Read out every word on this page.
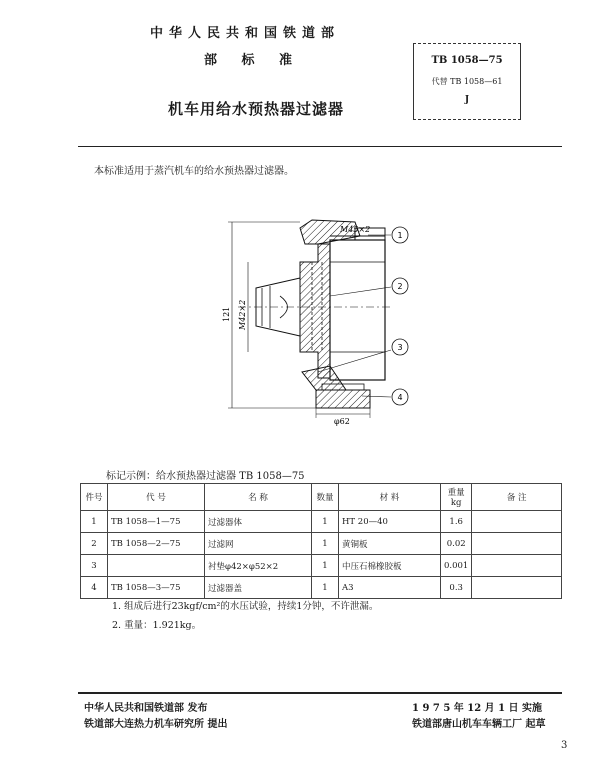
中华人民共和国铁道部
部 标 准
机车用给水预热器过滤器
TB 1058—75
代替 TB 1058—61
J
本标准适用于蒸汽机车的给水预热器过滤器。
M45×2
121 M42×2
φ62
1
2
3
4
标记示例：给水预热器过滤器 TB 1058—75
件号	代 号	名 称	数量	材 料	重量kg	备 注
1	TB 1058—1—75	过滤器体	1	HT 20—40	1.6	
2	TB 1058—2—75	过滤网	1	黄铜板	0.02	
3		衬垫φ42×φ52×2	1	中压石棉橡胶板	0.001	
4	TB 1058—3—75	过滤器盖	1	A3	0.3	
1. 组成后进行23kgf/cm²的水压试验，持续1分钟，不许泄漏。
2. 重量：1.921kg。
中华人民共和国铁道部 发布
铁道部大连热力机车研究所 提出
1 9 7 5 年 12 月 1 日 实施
铁道部唐山机车车辆工厂 起草
3
